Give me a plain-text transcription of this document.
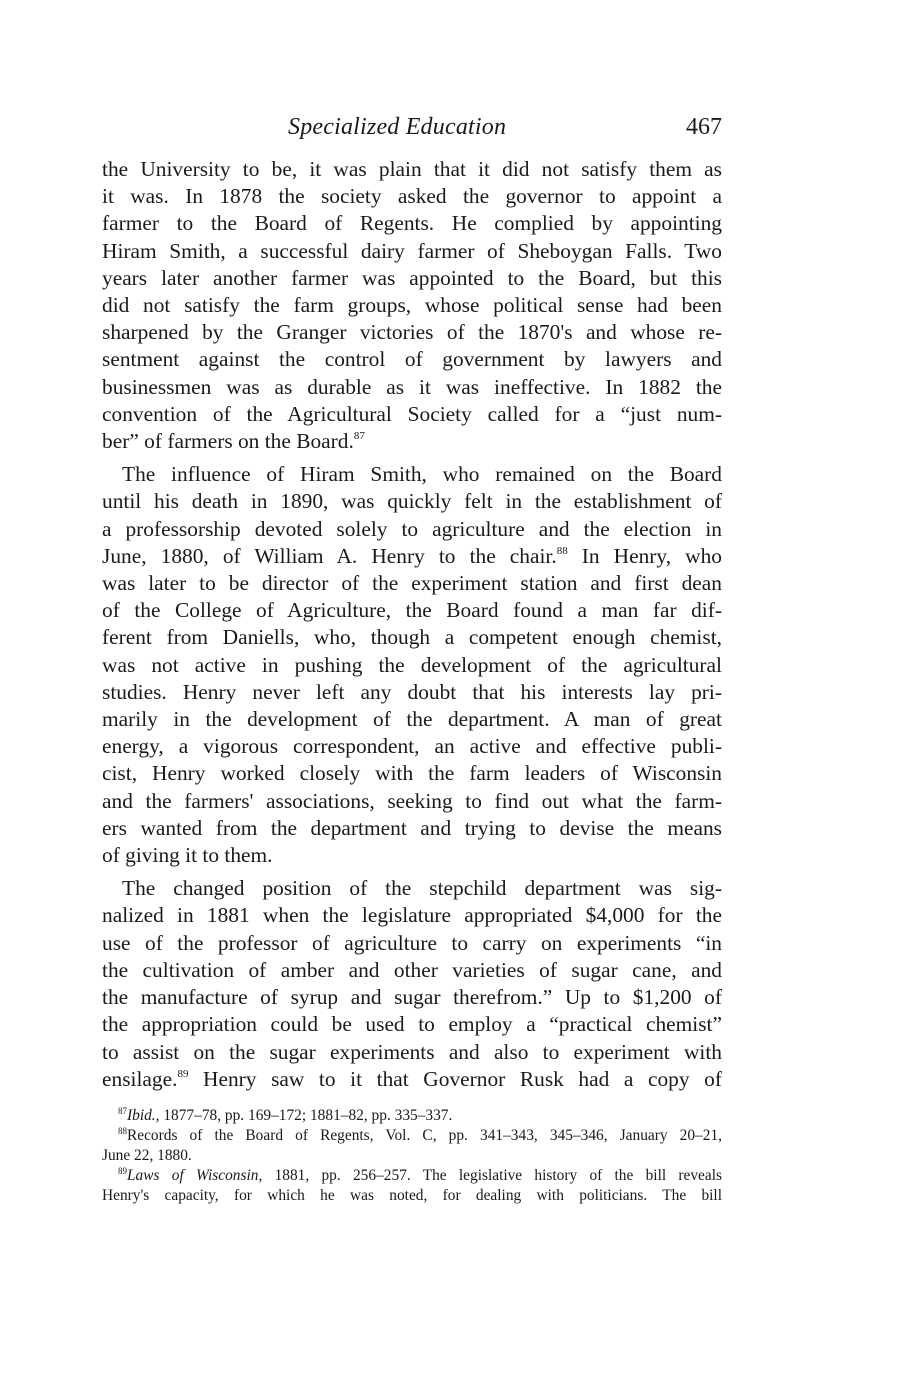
Specialized Education	467
the University to be, it was plain that it did not satisfy them as
it was. In 1878 the society asked the governor to appoint a
farmer to the Board of Regents. He complied by appointing
Hiram Smith, a successful dairy farmer of Sheboygan Falls. Two
years later another farmer was appointed to the Board, but this
did not satisfy the farm groups, whose political sense had been
sharpened by the Granger victories of the 1870's and whose re-
sentment against the control of government by lawyers and
businessmen was as durable as it was ineffective. In 1882 the
convention of the Agricultural Society called for a “just num-
ber” of farmers on the Board.$^{87}$
The influence of Hiram Smith, who remained on the Board
until his death in 1890, was quickly felt in the establishment of
a professorship devoted solely to agriculture and the election in
June, 1880, of William A. Henry to the chair.$^{88}$ In Henry, who
was later to be director of the experiment station and first dean
of the College of Agriculture, the Board found a man far dif-
ferent from Daniells, who, though a competent enough chemist,
was not active in pushing the development of the agricultural
studies. Henry never left any doubt that his interests lay pri-
marily in the development of the department. A man of great
energy, a vigorous correspondent, an active and effective publi-
cist, Henry worked closely with the farm leaders of Wisconsin
and the farmers' associations, seeking to find out what the farm-
ers wanted from the department and trying to devise the means
of giving it to them.
The changed position of the stepchild department was sig-
nalized in 1881 when the legislature appropriated $4,000 for the
use of the professor of agriculture to carry on experiments “in
the cultivation of amber and other varieties of sugar cane, and
the manufacture of syrup and sugar therefrom.” Up to $1,200 of
the appropriation could be used to employ a “practical chemist”
to assist on the sugar experiments and also to experiment with
ensilage.$^{89}$ Henry saw to it that Governor Rusk had a copy of
$^{87}$Ibid., 1877–78, pp. 169–172; 1881–82, pp. 335–337.
$^{88}$Records of the Board of Regents, Vol. C, pp. 341–343, 345–346, January 20–21,
June 22, 1880.
$^{89}$Laws of Wisconsin, 1881, pp. 256–257. The legislative history of the bill reveals
Henry's capacity, for which he was noted, for dealing with politicians. The bill
